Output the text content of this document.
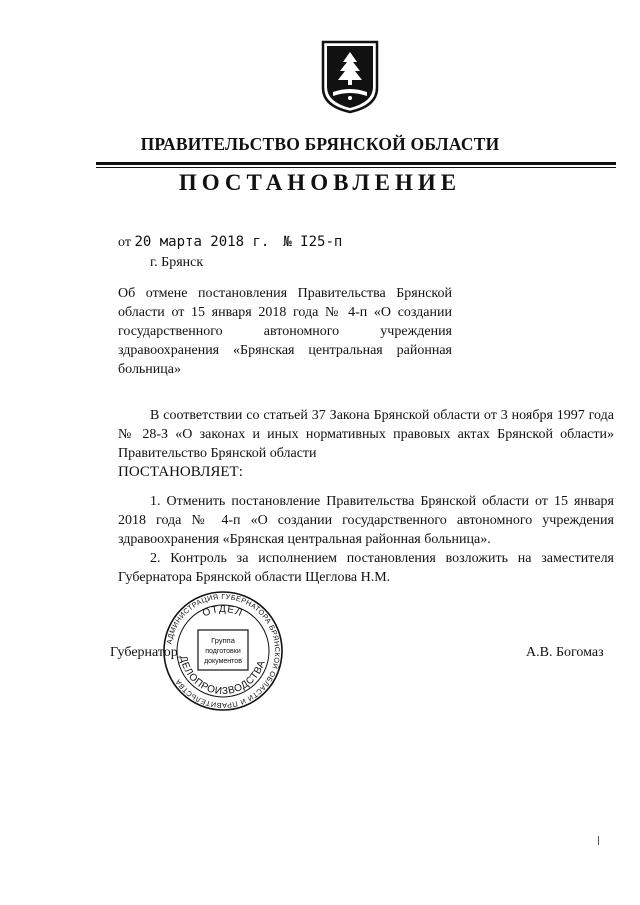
ПРАВИТЕЛЬСТВО БРЯНСКОЙ ОБЛАСТИ
ПОСТАНОВЛЕНИЕ
от 20 марта 2018 г. № I25-п
г. Брянск
Об отмене постановления Правительства Брянской области от 15 января 2018 года № 4-п «О создании государственного автономного учреждения здравоохранения «Брянская центральная районная больница»

В соответствии со статьей 37 Закона Брянской области от 3 ноября 1997 года № 28-З «О законах и иных нормативных правовых актах Брянской области» Правительство Брянской области

ПОСТАНОВЛЯЕТ:

1. Отменить постановление Правительства Брянской области от 15 января 2018 года № 4-п «О создании государственного автономного учреждения здравоохранения «Брянская центральная районная больница».

2. Контроль за исполнением постановления возложить на заместителя Губернатора Брянской области Щеглова Н.М.

Губернатор	А.В. Богомаз
АДМИНИСТРАЦИЯ ГУБЕРНАТОРА БРЯНСКОЙ ОБЛАСТИ И ПРАВИТЕЛЬСТВА
ОТДЕЛ
ДЕЛОПРОИЗВОДСТВА
Группа
подготовки
документов
